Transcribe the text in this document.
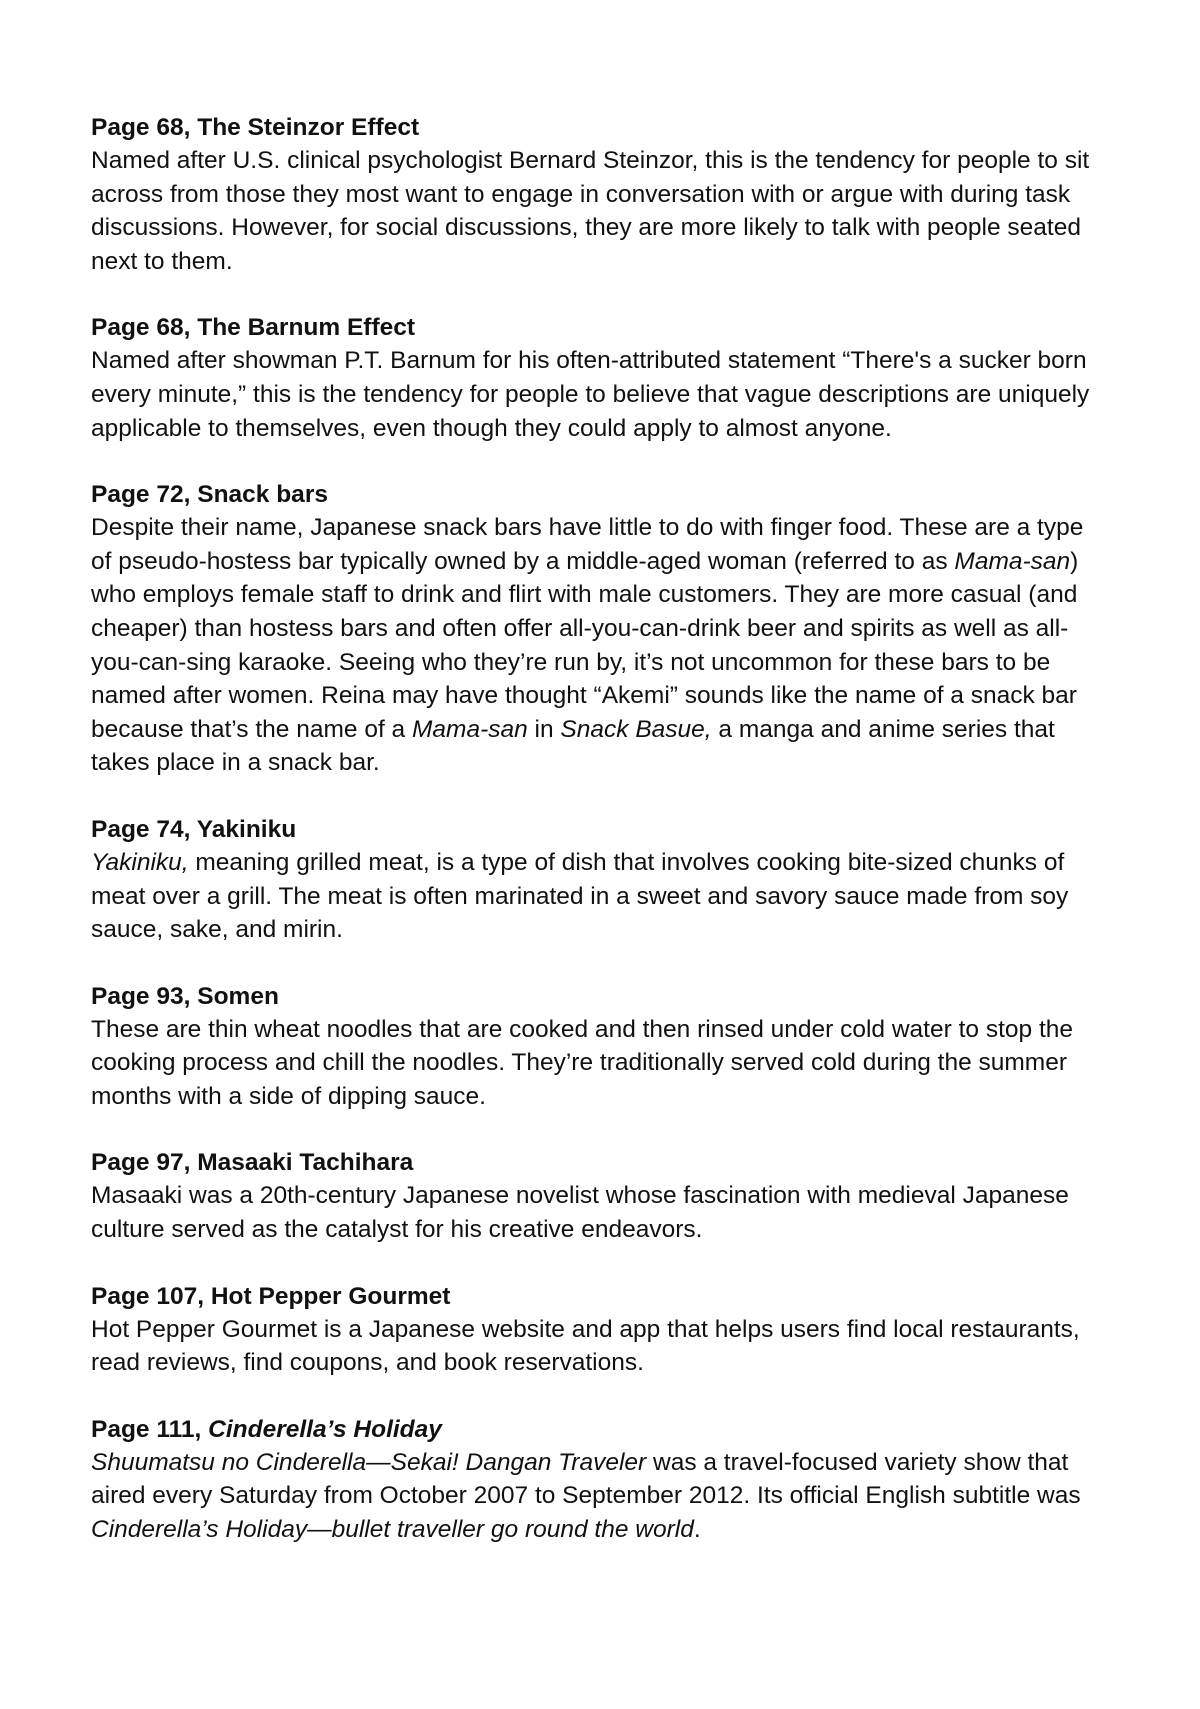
Page 68, The Steinzor Effect

Named after U.S. clinical psychologist Bernard Steinzor, this is the tendency for people to sit across from those they most want to engage in conversation with or argue with during task discussions. However, for social discussions, they are more likely to talk with people seated next to them.

Page 68, The Barnum Effect

Named after showman P.T. Barnum for his often-attributed statement “There's a sucker born every minute,” this is the tendency for people to believe that vague descriptions are uniquely applicable to themselves, even though they could apply to almost anyone.

Page 72, Snack bars

Despite their name, Japanese snack bars have little to do with finger food. These are a type of pseudo-hostess bar typically owned by a middle-aged woman (referred to as Mama-san) who employs female staff to drink and flirt with male customers. They are more casual (and cheaper) than hostess bars and often offer all-you-can-drink beer and spirits as well as all-you-can-sing karaoke. Seeing who they’re run by, it’s not uncommon for these bars to be named after women. Reina may have thought “Akemi” sounds like the name of a snack bar because that’s the name of a Mama-san in Snack Basue, a manga and anime series that takes place in a snack bar.

Page 74, Yakiniku

Yakiniku, meaning grilled meat, is a type of dish that involves cooking bite-sized chunks of meat over a grill. The meat is often marinated in a sweet and savory sauce made from soy sauce, sake, and mirin.

Page 93, Somen

These are thin wheat noodles that are cooked and then rinsed under cold water to stop the cooking process and chill the noodles. They’re traditionally served cold during the summer months with a side of dipping sauce.

Page 97, Masaaki Tachihara

Masaaki was a 20th-century Japanese novelist whose fascination with medieval Japanese culture served as the catalyst for his creative endeavors.

Page 107, Hot Pepper Gourmet

Hot Pepper Gourmet is a Japanese website and app that helps users find local restaurants, read reviews, find coupons, and book reservations.

Page 111, Cinderella’s Holiday

Shuumatsu no Cinderella—Sekai! Dangan Traveler was a travel-focused variety show that aired every Saturday from October 2007 to September 2012. Its official English subtitle was Cinderella’s Holiday—bullet traveller go round the world.
